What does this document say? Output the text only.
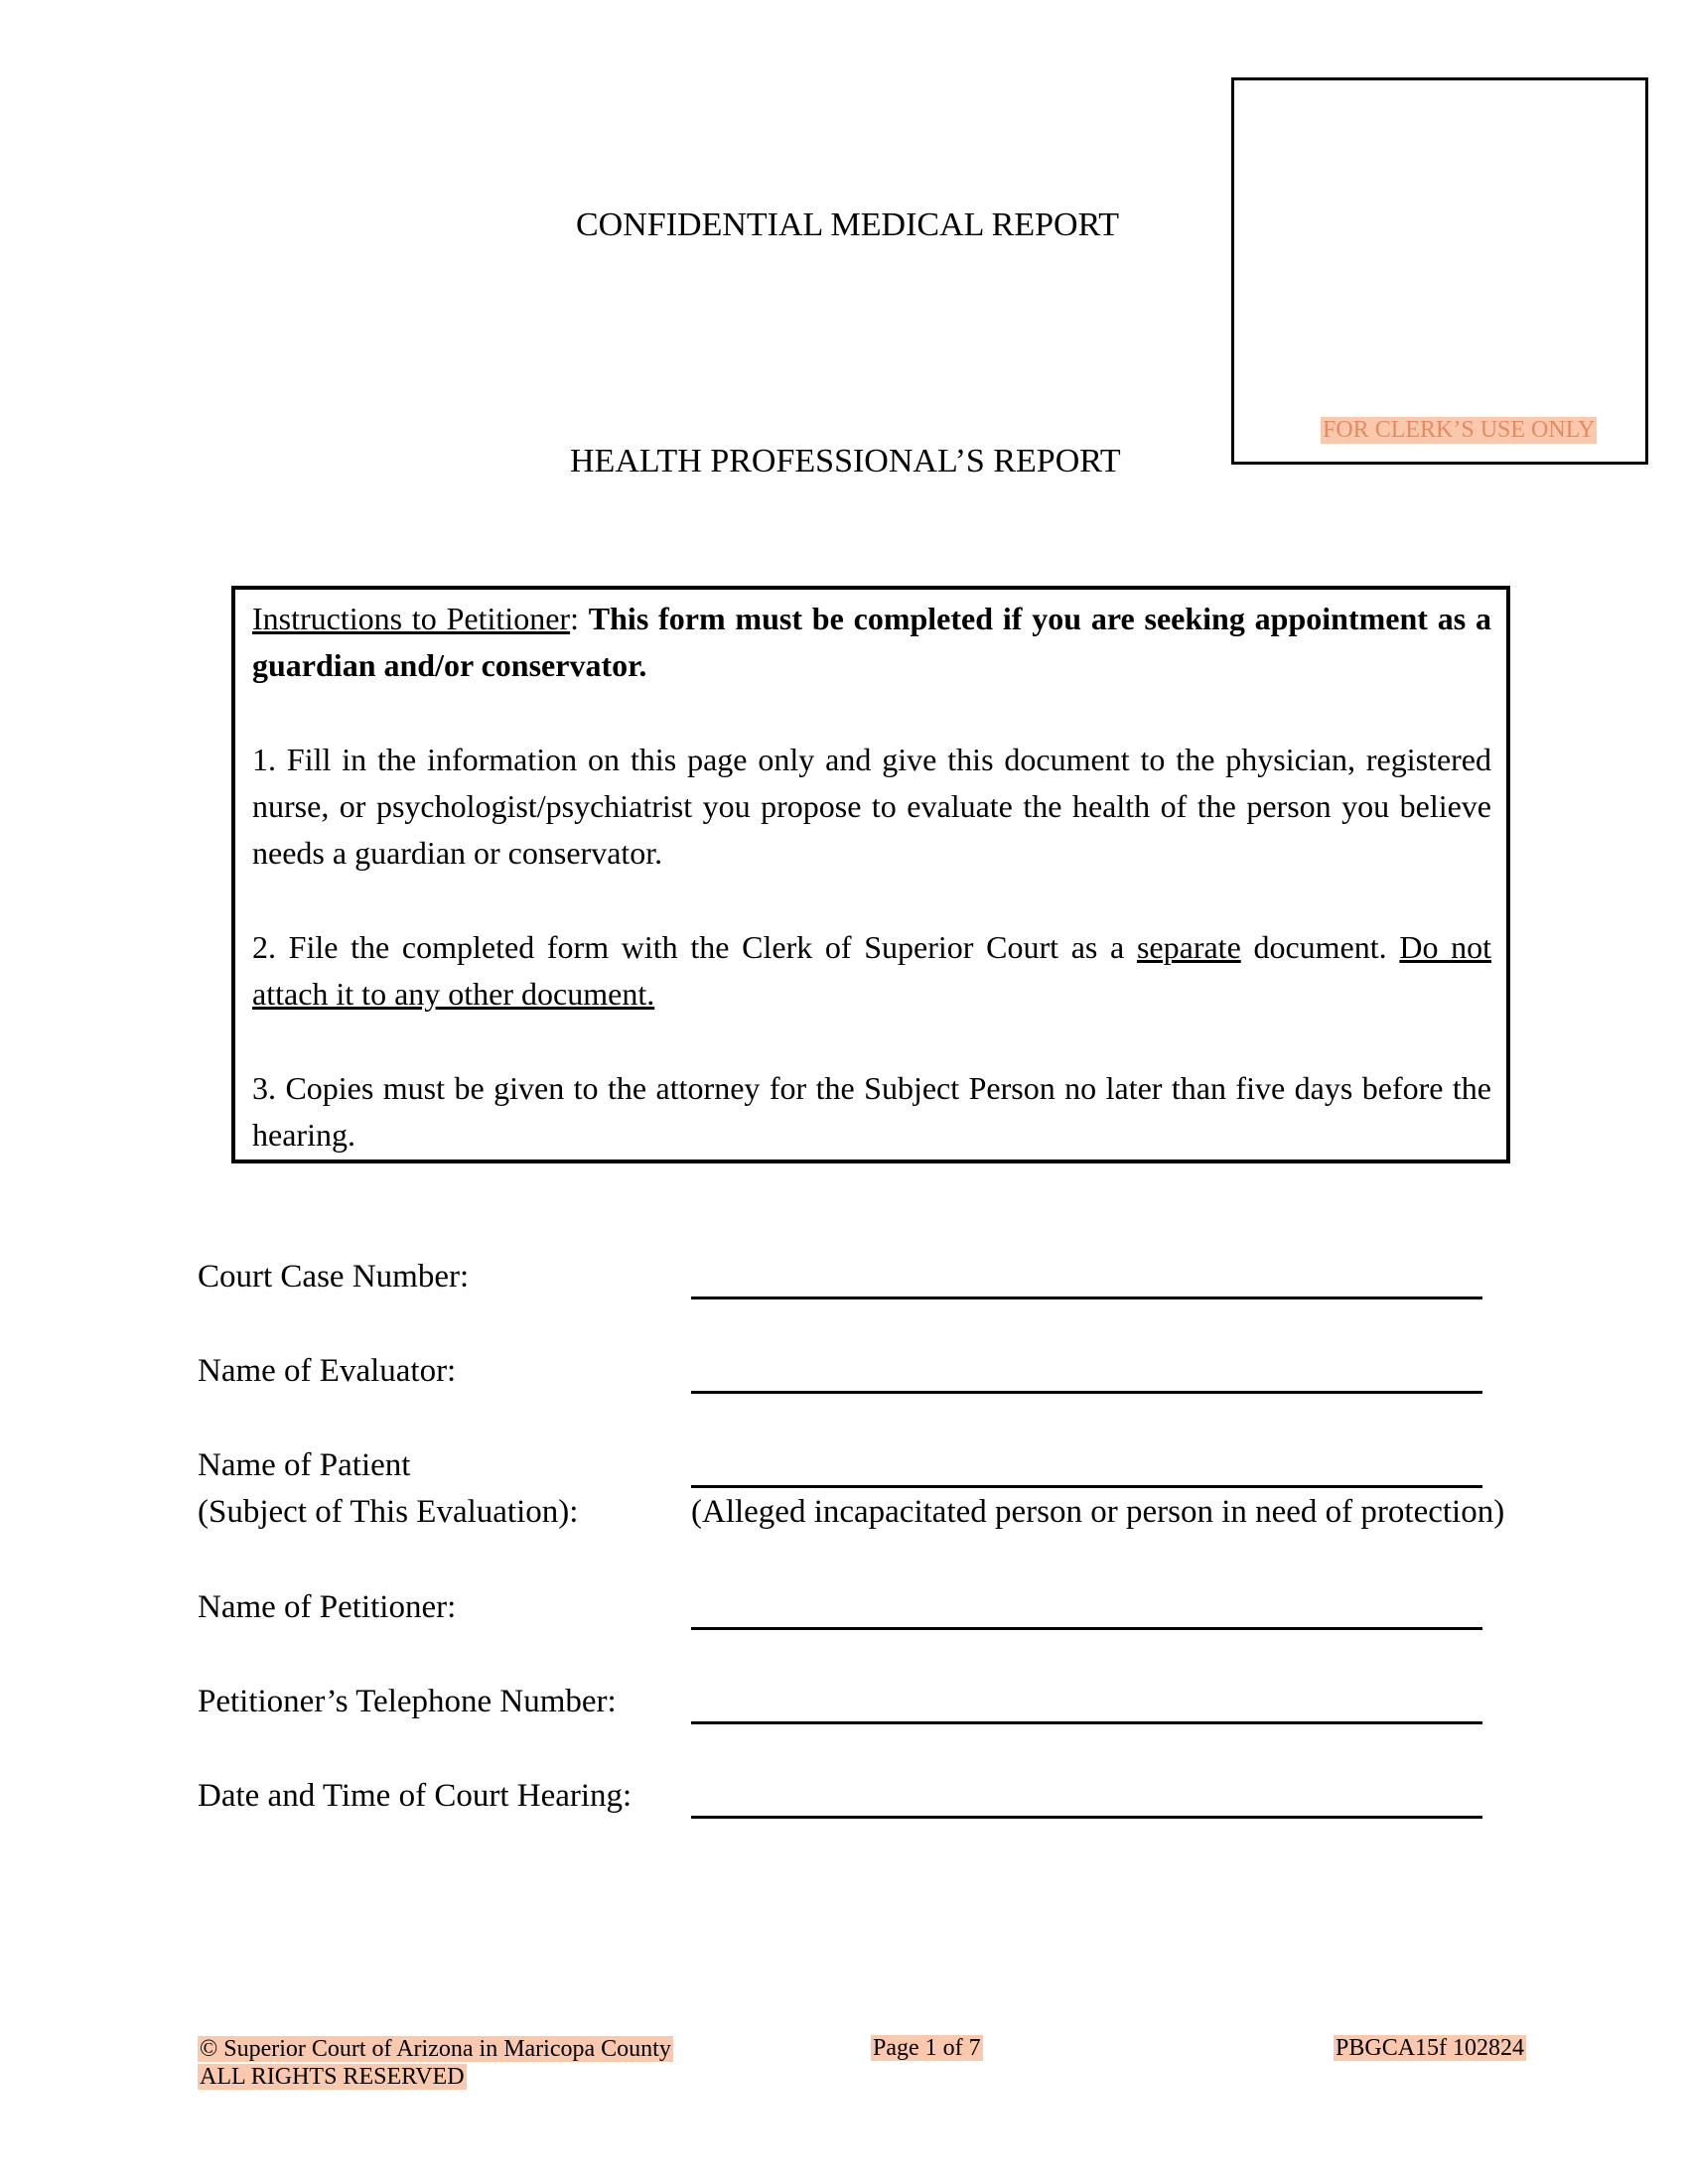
CONFIDENTIAL MEDICAL REPORT
HEALTH PROFESSIONAL’S REPORT
FOR CLERK’S USE ONLY

Instructions to Petitioner: This form must be completed if you are seeking appointment as a guardian and/or conservator.

1. Fill in the information on this page only and give this document to the physician, registered nurse, or psychologist/psychiatrist you propose to evaluate the health of the person you believe needs a guardian or conservator.

2. File the completed form with the Clerk of Superior Court as a separate document. Do not attach it to any other document.

3. Copies must be given to the attorney for the Subject Person no later than five days before the hearing.

Court Case Number:
Name of Evaluator:
Name of Patient
(Subject of This Evaluation):	(Alleged incapacitated person or person in need of protection)
Name of Petitioner:
Petitioner’s Telephone Number:
Date and Time of Court Hearing:
© Superior Court of Arizona in Maricopa County
ALL RIGHTS RESERVED
Page 1 of 7	PBGCA15f 102824
